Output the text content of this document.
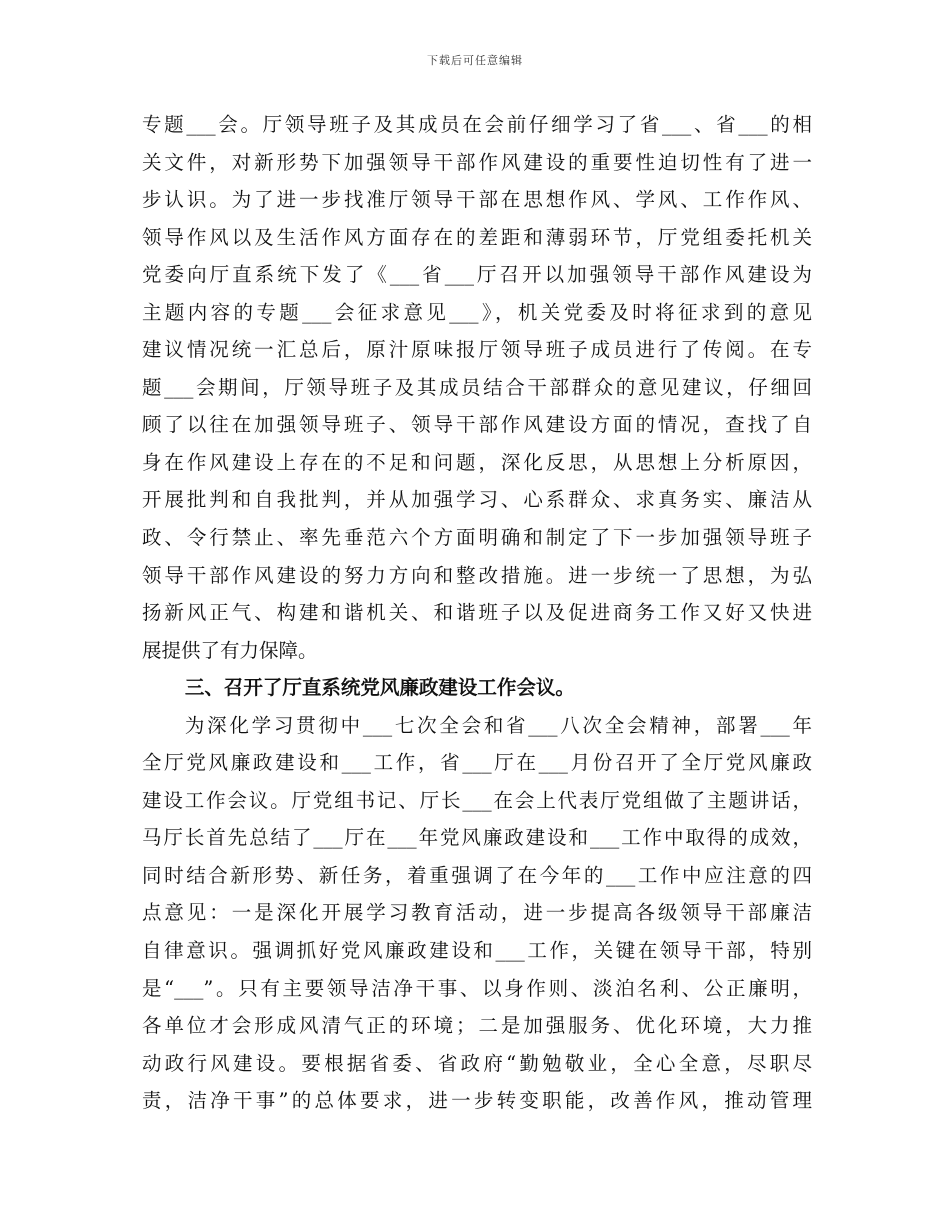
下载后可任意编辑
专题___会。厅领导班子及其成员在会前仔细学习了省___、省___的相
关文件，对新形势下加强领导干部作风建设的重要性迫切性有了进一
步认识。为了进一步找准厅领导干部在思想作风、学风、工作作风、
领导作风以及生活作风方面存在的差距和薄弱环节，厅党组委托机关
党委向厅直系统下发了《___省___厅召开以加强领导干部作风建设为
主题内容的专题___会征求意见___》，机关党委及时将征求到的意见
建议情况统一汇总后，原汁原味报厅领导班子成员进行了传阅。在专
题___会期间，厅领导班子及其成员结合干部群众的意见建议，仔细回
顾了以往在加强领导班子、领导干部作风建设方面的情况，查找了自
身在作风建设上存在的不足和问题，深化反思，从思想上分析原因，
开展批判和自我批判，并从加强学习、心系群众、求真务实、廉洁从
政、令行禁止、率先垂范六个方面明确和制定了下一步加强领导班子
领导干部作风建设的努力方向和整改措施。进一步统一了思想，为弘
扬新风正气、构建和谐机关、和谐班子以及促进商务工作又好又快进
展提供了有力保障。
三、召开了厅直系统党风廉政建设工作会议。
为深化学习贯彻中___七次全会和省___八次全会精神，部署___年
全厅党风廉政建设和___工作，省___厅在___月份召开了全厅党风廉政
建设工作会议。厅党组书记、厅长___在会上代表厅党组做了主题讲话，
马厅长首先总结了___厅在___年党风廉政建设和___工作中取得的成效，
同时结合新形势、新任务，着重强调了在今年的___工作中应注意的四
点意见：一是深化开展学习教育活动，进一步提高各级领导干部廉洁
自律意识。强调抓好党风廉政建设和___工作，关键在领导干部，特别
是“___”。只有主要领导洁净干事、以身作则、淡泊名利、公正廉明，
各单位才会形成风清气正的环境；二是加强服务、优化环境，大力推
动政行风建设。要根据省委、省政府“勤勉敬业，全心全意，尽职尽
责，洁净干事”的总体要求，进一步转变职能，改善作风，推动管理
